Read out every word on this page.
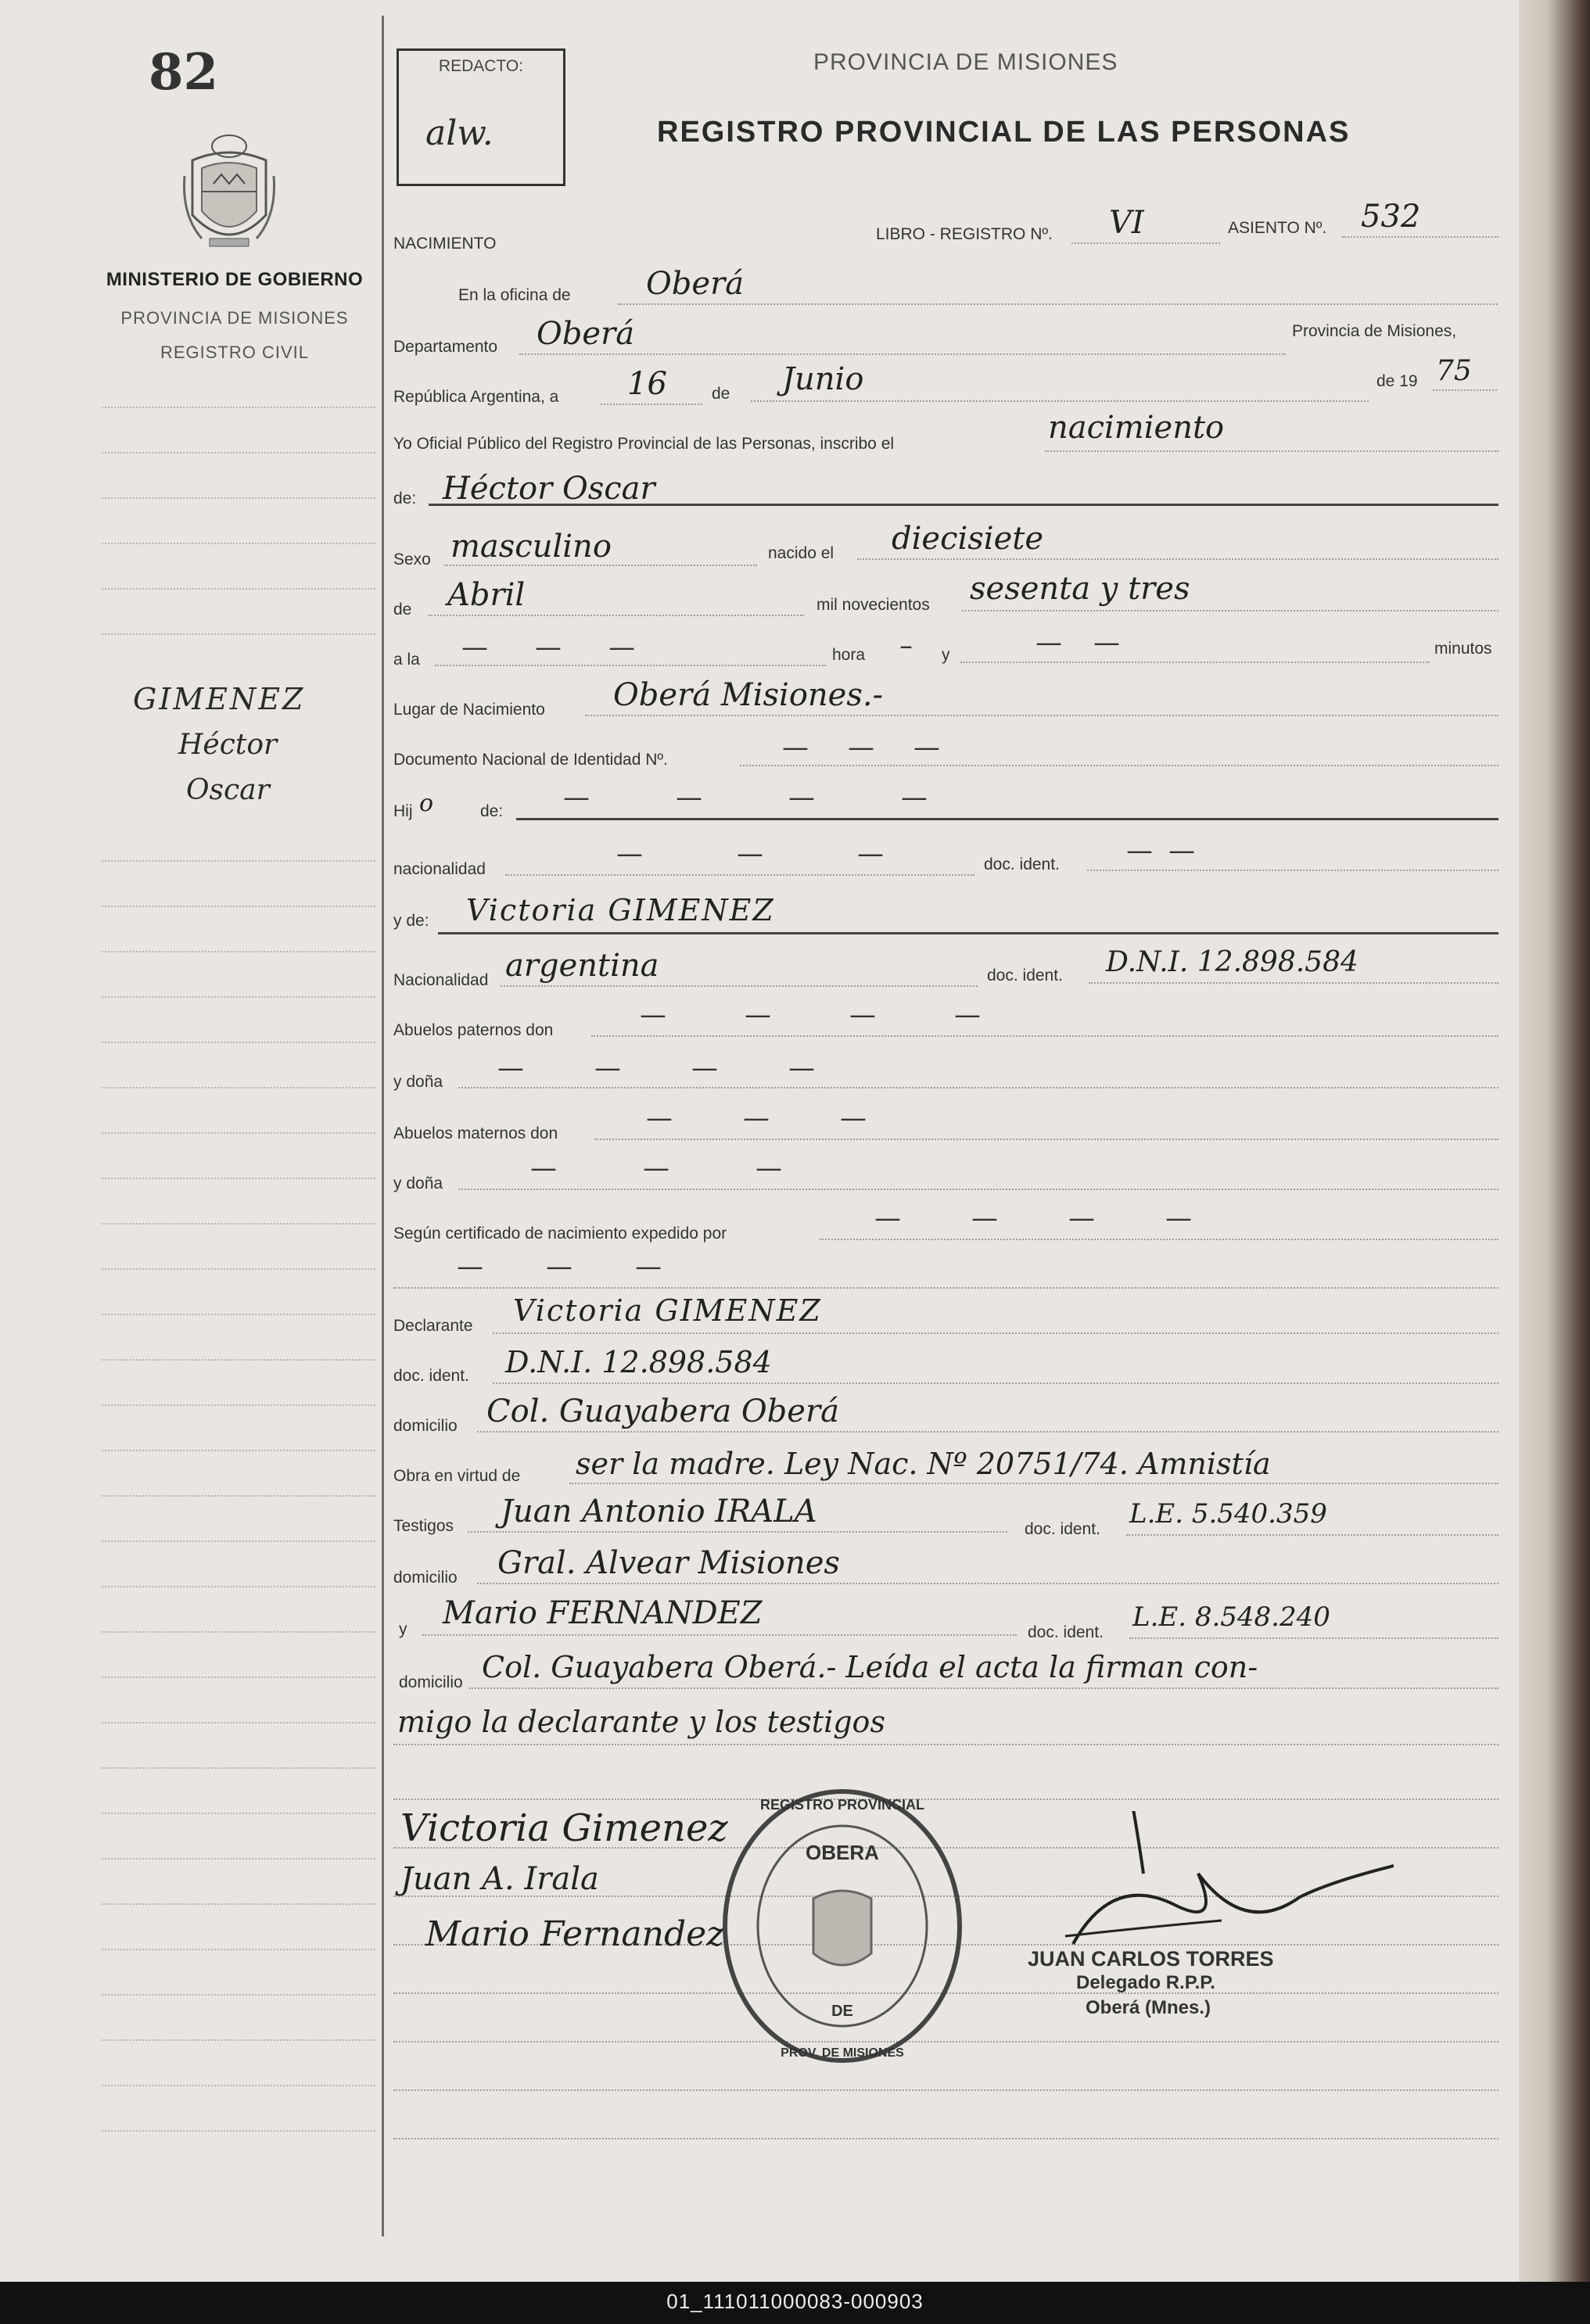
01_111011000083-000903
82
MINISTERIO DE GOBIERNO
PROVINCIA DE MISIONES
REGISTRO CIVIL
GIMENEZ
Héctor
Oscar
REDACTO:
alw.
PROVINCIA DE MISIONES
REGISTRO PROVINCIAL DE LAS PERSONAS
NACIMIENTO
LIBRO - REGISTRO Nº. VI	ASIENTO Nº. 532
En la oficina de Oberá
Departamento Oberá	Provincia de Misiones,
República Argentina, a 16	de Junio	de 19 75
Yo Oficial Público del Registro Provincial de las Personas, inscribo el	nacimiento
de: Héctor Oscar
Sexo masculino	nacido el diecisiete
de Abril	mil novecientos sesenta y tres
a la ———	hora – y	——	minutos
Lugar de Nacimiento Oberá Misiones.-
Documento Nacional de Identidad Nº.	———
Hij o	de: ————
nacionalidad	——— doc. ident.	——
y de: Victoria GIMENEZ
Nacionalidad argentina	doc. ident. D.N.I. 12.898.584
Abuelos paternos don	————
y doña ————
Abuelos maternos don	———
y doña	———
Según certificado de nacimiento expedido por	————
———
Declarante Victoria GIMENEZ
doc. ident. D.N.I. 12.898.584
domicilio Col. Guayabera Oberá
Obra en virtud de ser la madre. Ley Nac. Nº 20751/74. Amnistía
Testigos Juan Antonio IRALA	doc. ident. L.E. 5.540.359
domicilio Gral. Alvear Misiones
y Mario FERNANDEZ
doc. ident. L.E. 8.548.240
domicilio Col. Guayabera Oberá.- Leída el acta la firman con-
migo la declarante y los testigos
Victoria Gimenez
Juan A. Irala
Mario Fernandez
REGISTRO PROVINCIAL
OBERA
DE
PROV. DE MISIONES
JUAN CARLOS TORRES
Delegado R.P.P.
Oberá (Mnes.)
